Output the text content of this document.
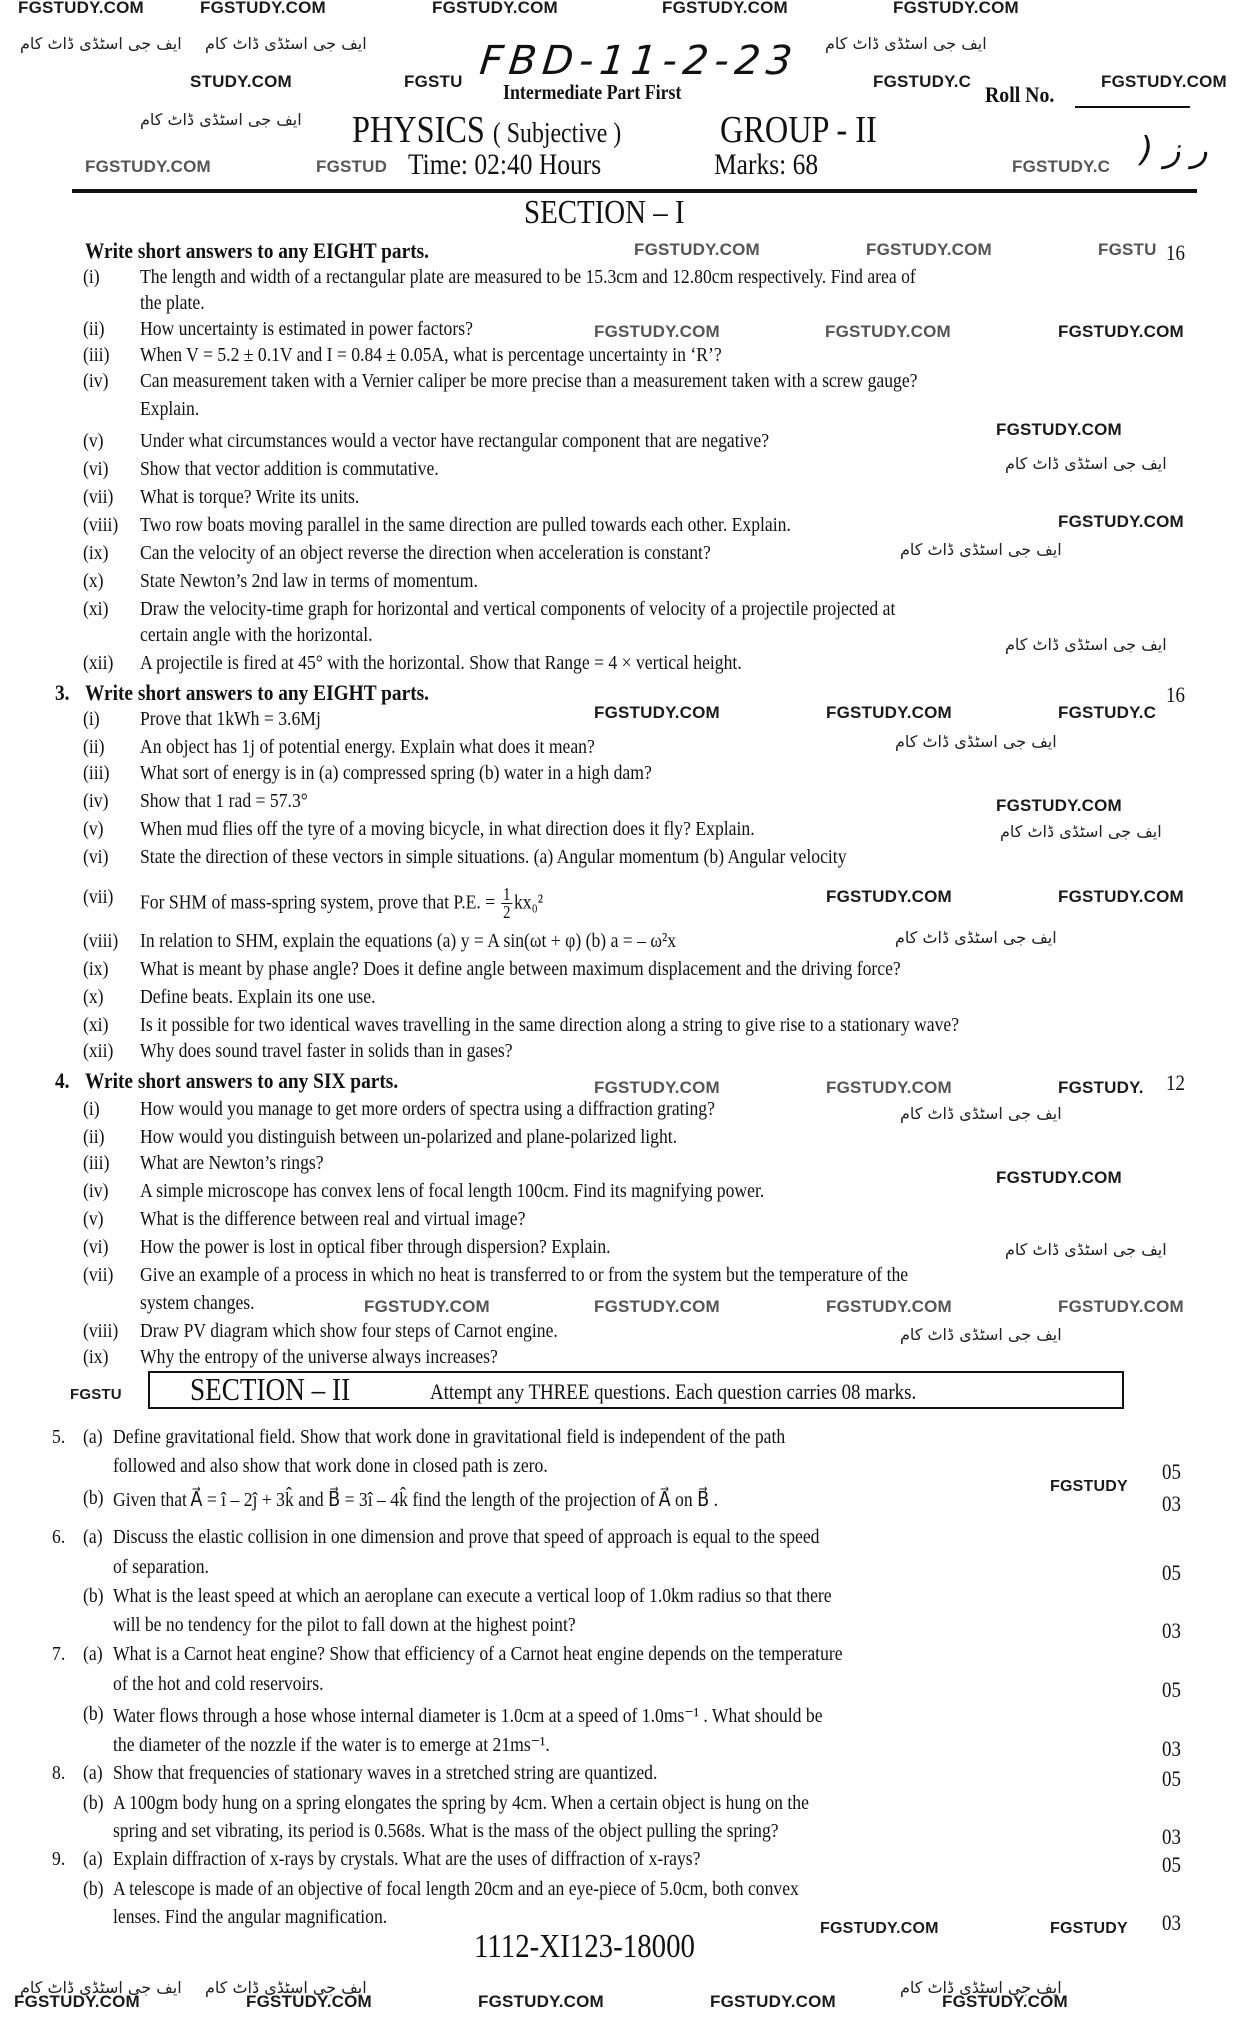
FGSTUDY.COM	FGSTUDY.COM	FGSTUDY.COM	FGSTUDY.COM	FGSTUDY.COM
ایف جی اسٹڈی ڈاٹ کام ایف جی اسٹڈی ڈاٹ کام	ایف جی اسٹڈی ڈاٹ کام
FBD-11-2-23
STUDY.COM	FGSTU	FGSTUDY.C	FGSTUDY.COM
Intermediate Part First	Roll No.
ایف جی اسٹڈی ڈاٹ کام PHYSICS ( Subjective )	GROUP - II
FGSTUDY.COM	FGSTUD Time: 02:40 Hours	Marks: 68	FGSTUDY.C ) ر ز
SECTION – I
Write short answers to any EIGHT parts.	16
(i) The length and width of a rectangular plate are measured to be 15.3cm and 12.80cm respectively. Find area of
the plate.
(ii) How uncertainty is estimated in power factors?
(iii) When V = 5.2 ± 0.1V and I = 0.84 ± 0.05A, what is percentage uncertainty in ‘R’?
(iv) Can measurement taken with a Vernier caliper be more precise than a measurement taken with a screw gauge?
Explain.
(v) Under what circumstances would a vector have rectangular component that are negative?
(vi) Show that vector addition is commutative.
(vii) What is torque? Write its units.
(viii) Two row boats moving parallel in the same direction are pulled towards each other. Explain.
(ix) Can the velocity of an object reverse the direction when acceleration is constant?
(x) State Newton’s 2nd law in terms of momentum.
(xi) Draw the velocity-time graph for horizontal and vertical components of velocity of a projectile projected at
certain angle with the horizontal.
(xii) A projectile is fired at 45° with the horizontal. Show that Range = 4 × vertical height.
3. Write short answers to any EIGHT parts.	16
(i) Prove that 1kWh = 3.6Mj
(ii) An object has 1j of potential energy. Explain what does it mean?
(iii) What sort of energy is in (a) compressed spring (b) water in a high dam?
(iv) Show that 1 rad = 57.3°
(v) When mud flies off the tyre of a moving bicycle, in what direction does it fly? Explain.
(vi) State the direction of these vectors in simple situations. (a) Angular momentum (b) Angular velocity
(vii) For SHM of mass-spring system, prove that P.E. = $\frac{1}{2} kx_0^2$
(viii) In relation to SHM, explain the equations (a) y = A sin(ωt + φ) (b) a = – ω²x
(ix) What is meant by phase angle? Does it define angle between maximum displacement and the driving force?
(x) Define beats. Explain its one use.
(xi) Is it possible for two identical waves travelling in the same direction along a string to give rise to a stationary wave?
(xii) Why does sound travel faster in solids than in gases?
4. Write short answers to any SIX parts.	12
(i) How would you manage to get more orders of spectra using a diffraction grating?
(ii) How would you distinguish between un-polarized and plane-polarized light.
(iii) What are Newton’s rings?
(iv) A simple microscope has convex lens of focal length 100cm. Find its magnifying power.
(v) What is the difference between real and virtual image?
(vi) How the power is lost in optical fiber through dispersion? Explain.
(vii) Give an example of a process in which no heat is transferred to or from the system but the temperature of the
system changes.
(viii) Draw PV diagram which show four steps of Carnot engine.
(ix) Why the entropy of the universe always increases?
FGSTUDY.COM	FGSTUDY.COM	FGSTU
FGSTUDY.COM	FGSTUDY.COM	FGSTUDY.COM
FGSTUDY.COM
ایف جی اسٹڈی ڈاٹ کام
FGSTUDY.COM
ایف جی اسٹڈی ڈاٹ کام
ایف جی اسٹڈی ڈاٹ کام
FGSTUDY.COM	FGSTUDY.COM	FGSTUDY.C
ایف جی اسٹڈی ڈاٹ کام
FGSTUDY.COM
ایف جی اسٹڈی ڈاٹ کام
FGSTUDY.COM	FGSTUDY.COM
ایف جی اسٹڈی ڈاٹ کام
FGSTUDY.COM	FGSTUDY.COM	FGSTUDY.
ایف جی اسٹڈی ڈاٹ کام
FGSTUDY.COM
ایف جی اسٹڈی ڈاٹ کام
FGSTUDY.COM	FGSTUDY.COM	FGSTUDY.COM	FGSTUDY.COM
ایف جی اسٹڈی ڈاٹ کام
FGSTU SECTION – II	Attempt any THREE questions. Each question carries 08 marks.
5. (a) Define gravitational field. Show that work done in gravitational field is independent of the path
followed and also show that work done in closed path is zero.	05
(b) Given that A⃗ = î – 2ĵ + 3k̂ and B⃗ = 3î – 4k̂ find the length of the projection of A⃗ on B⃗ .	03
6. (a) Discuss the elastic collision in one dimension and prove that speed of approach is equal to the speed
of separation.	05
(b) What is the least speed at which an aeroplane can execute a vertical loop of 1.0km radius so that there
will be no tendency for the pilot to fall down at the highest point?	03
7. (a) What is a Carnot heat engine? Show that efficiency of a Carnot heat engine depends on the temperature
of the hot and cold reservoirs.	05
(b) Water flows through a hose whose internal diameter is 1.0cm at a speed of 1.0ms⁻¹ . What should be
the diameter of the nozzle if the water is to emerge at 21ms⁻¹.	03
8. (a) Show that frequencies of stationary waves in a stretched string are quantized.	05
(b) A 100gm body hung on a spring elongates the spring by 4cm. When a certain object is hung on the
spring and set vibrating, its period is 0.568s. What is the mass of the object pulling the spring?	03
9. (a) Explain diffraction of x-rays by crystals. What are the uses of diffraction of x-rays?	05
(b) A telescope is made of an objective of focal length 20cm and an eye-piece of 5.0cm, both convex
lenses. Find the angular magnification.	03
FGSTUDY
FGSTUDY.COM	FGSTUDY
1112-XI123-18000
ایف جی اسٹڈی ڈاٹ کام ایف جی اسٹڈی ڈاٹ کام	ایف جی اسٹڈی ڈاٹ کام
FGSTUDY.COM	FGSTUDY.COM	FGSTUDY.COM	FGSTUDY.COM	FGSTUDY.COM
